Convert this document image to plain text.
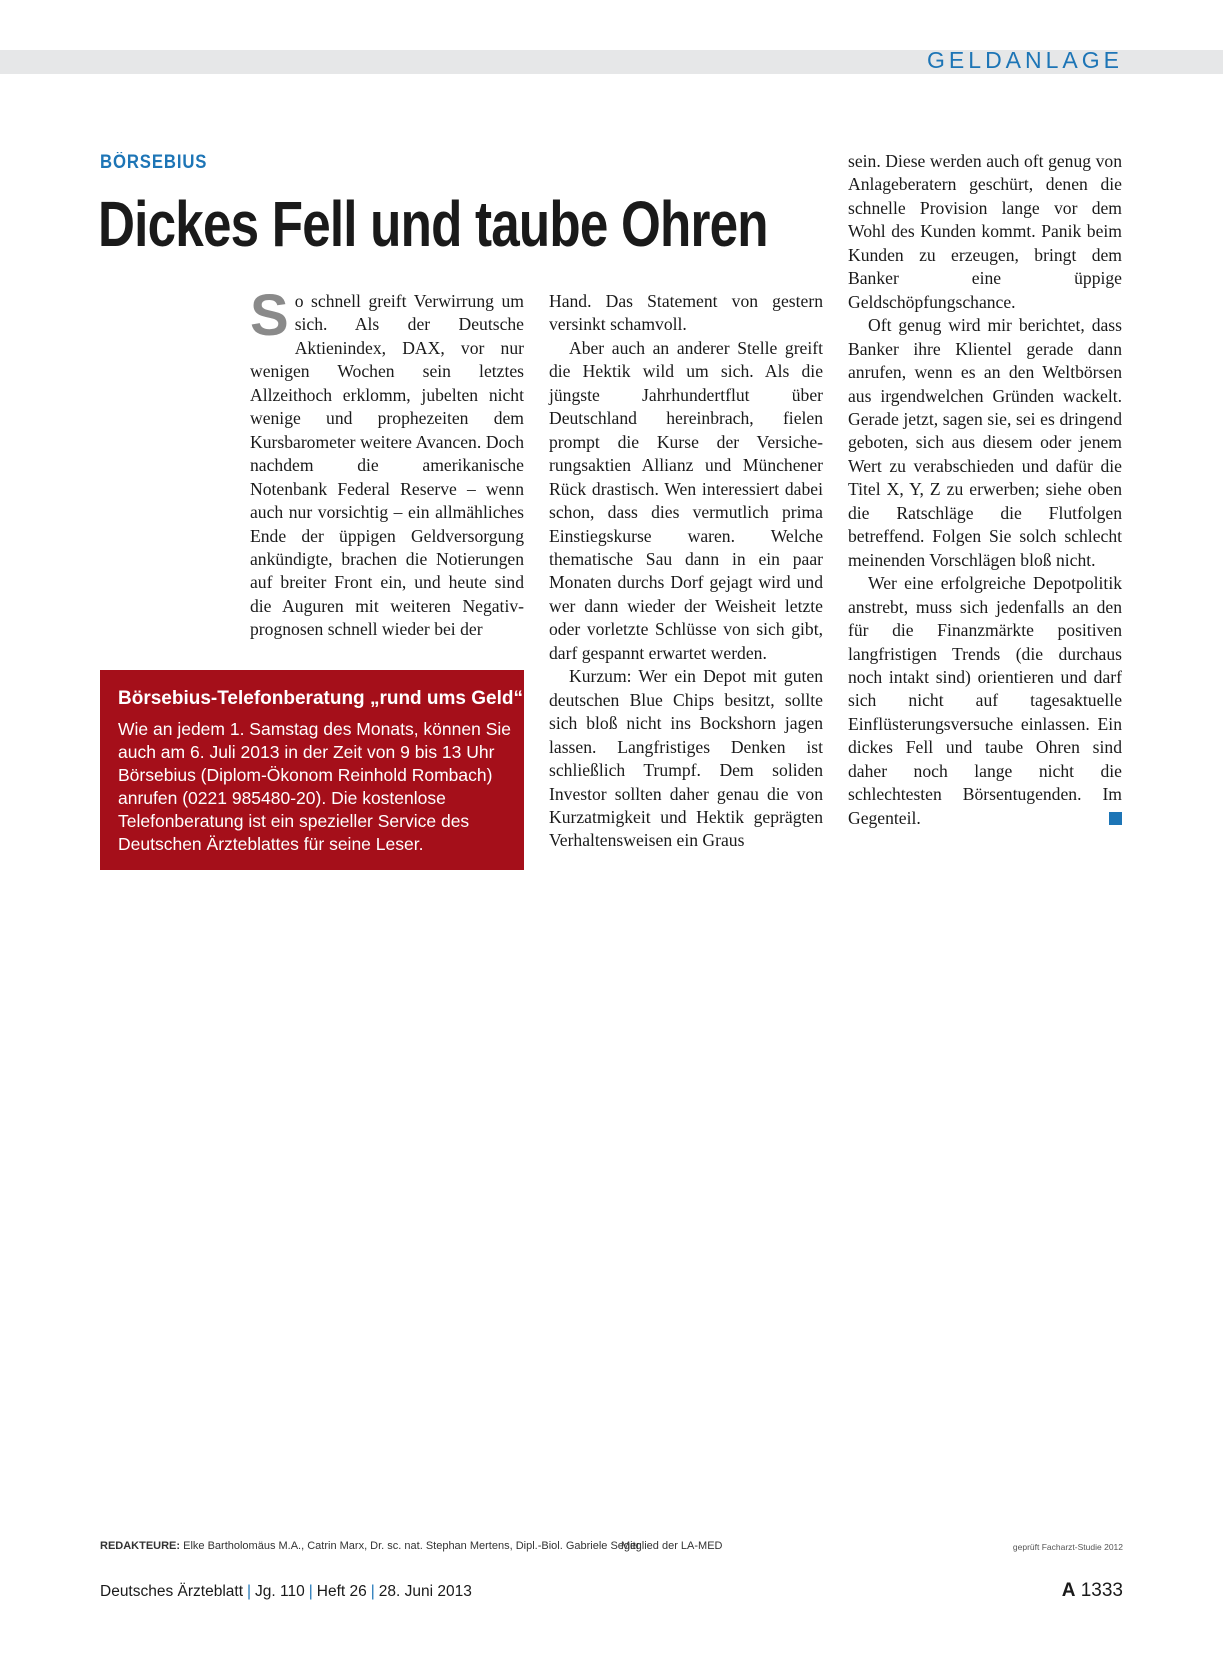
GELDANLAGE
BÖRSEBIUS
Dickes Fell und taube Ohren

So schnell greift Verwirrung um sich. Als der Deutsche Aktienindex, DAX, vor nur wenigen Wochen sein letztes Allzeithoch erklomm, jubelten nicht wenige und prophezeiten dem Kursbarometer weitere Avancen. Doch nachdem die amerikanische Notenbank Federal Reserve – wenn auch nur vorsichtig – ein allmähliches Ende der üppigen Geldversorgung ankündigte, brachen die Notierungen auf breiter Front ein, und heute sind die Auguren mit weiteren Negativprognosen schnell wieder bei der

Hand. Das Statement von gestern versinkt schamvoll.

Aber auch an anderer Stelle greift die Hektik wild um sich. Als die jüngste Jahrhundertflut über Deutschland hereinbrach, fielen prompt die Kurse der Versicherungsaktien Allianz und Münchener Rück drastisch. Wen interessiert dabei schon, dass dies vermutlich prima Einstiegskurse waren. Welche thematische Sau dann in ein paar Monaten durchs Dorf gejagt wird und wer dann wieder der Weisheit letzte oder vorletzte Schlüsse von sich gibt, darf gespannt erwartet werden.

Kurzum: Wer ein Depot mit guten deutschen Blue Chips besitzt, sollte sich bloß nicht ins Bockshorn jagen lassen. Langfristiges Denken ist schließlich Trumpf. Dem soliden Investor sollten daher genau die von Kurzatmigkeit und Hektik geprägten Verhaltensweisen ein Graus

sein. Diese werden auch oft genug von Anlageberatern geschürt, denen die schnelle Provision lange vor dem Wohl des Kunden kommt. Panik beim Kunden zu erzeugen, bringt dem Banker eine üppige Geldschöpfungschance.

Oft genug wird mir berichtet, dass Banker ihre Klientel gerade dann anrufen, wenn es an den Weltbörsen aus irgendwelchen Gründen wackelt. Gerade jetzt, sagen sie, sei es dringend geboten, sich aus diesem oder jenem Wert zu verabschieden und dafür die Titel X, Y, Z zu erwerben; siehe oben die Ratschläge die Flutfolgen betreffend. Folgen Sie solch schlecht meinenden Vorschlägen bloß nicht.

Wer eine erfolgreiche Depotpolitik anstrebt, muss sich jedenfalls an den für die Finanzmärkte positiven langfristigen Trends (die durchaus noch intakt sind) orientieren und darf sich nicht auf tagesaktuelle Einflüsterungsversuche einlassen. Ein dickes Fell und taube Ohren sind daher noch lange nicht die schlechtesten Börsentugenden. Im Gegenteil.

Börsebius-Telefonberatung „rund ums Geld“
Wie an jedem 1. Samstag des Monats, können Sie
auch am 6. Juli 2013 in der Zeit von 9 bis 13 Uhr
Börsebius (Diplom-Ökonom Reinhold Rombach)
anrufen (0221 985480-20). Die kostenlose
Telefonberatung ist ein spezieller Service des
Deutschen Ärzteblattes für seine Leser.
REDAKTEURE: Elke Bartholomäus M.A., Catrin Marx, Dr. sc. nat. Stephan Mertens, Dipl.-Biol. Gabriele Seger
Mitglied der LA-MED	geprüft Facharzt-Studie 2012
Deutsches Ärzteblatt | Jg. 110 | Heft 26 | 28. Juni 2013	A 1333
